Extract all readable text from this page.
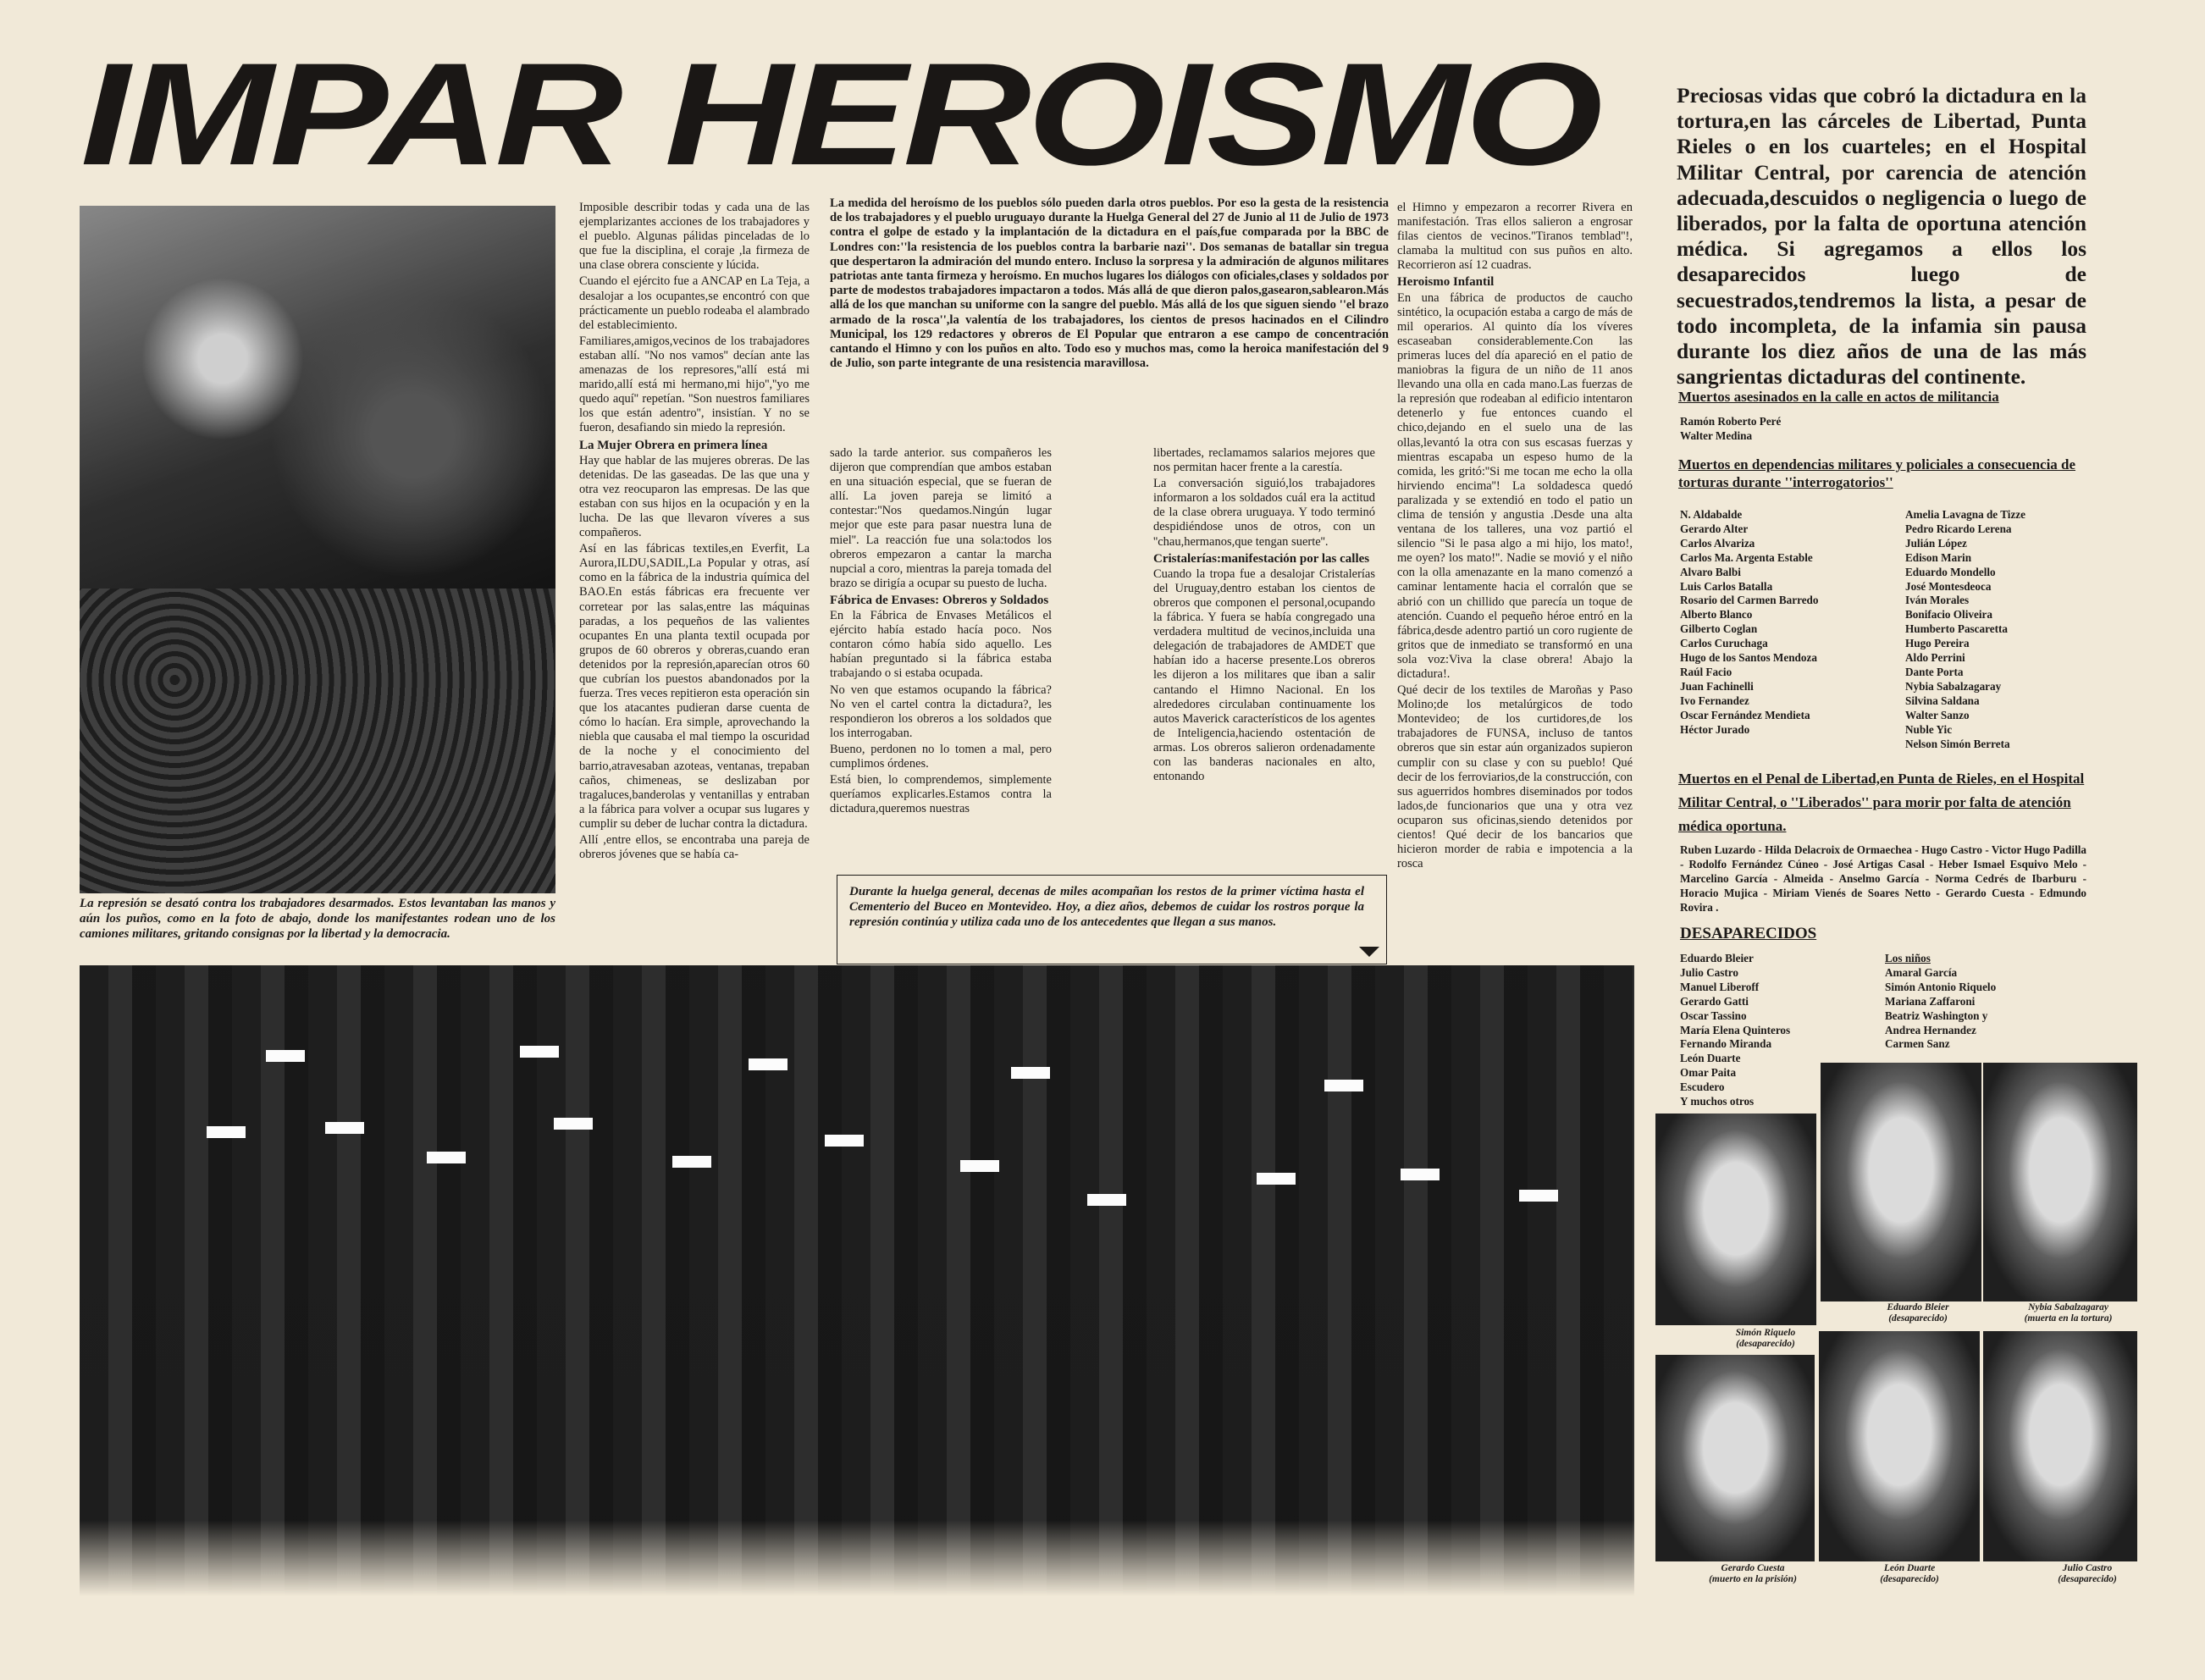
IMPAR HEROISMO
La represión se desató contra los trabajadores desarmados. Estos levantaban las manos y aún los puños, como en la foto de abajo, donde los manifestantes rodean uno de los camiones militares, gritando consignas por la libertad y la democracia.

Imposible describir todas y cada una de las ejemplarizantes acciones de los trabajadores y el pueblo. Algunas pálidas pinceladas de lo que fue la disciplina, el coraje ,la firmeza de una clase obrera consciente y lúcida.

Cuando el ejército fue a ANCAP en La Teja, a desalojar a los ocupantes,se encontró con que prácticamente un pueblo rodeaba el alambrado del establecimiento.

Familiares,amigos,vecinos de los trabajadores estaban allí. ''No nos vamos'' decían ante las amenazas de los represores,''allí está mi marido,allí está mi hermano,mi hijo'',''yo me quedo aquí'' repetían. ''Son nuestros familiares los que están adentro'', insistían. Y no se fueron, desafiando sin miedo la represión.

La Mujer Obrera en primera línea

Hay que hablar de las mujeres obreras. De las detenidas. De las gaseadas. De las que una y otra vez reocuparon las empresas. De las que estaban con sus hijos en la ocupación y en la lucha. De las que llevaron víveres a sus compañeros.

Así en las fábricas textiles,en Everfit, La Aurora,ILDU,SADIL,La Popular y otras, así como en la fábrica de la industria química del BAO.En estás fábricas era frecuente ver corretear por las salas,entre las máquinas paradas, a los pequeños de las valientes ocupantes En una planta textil ocupada por grupos de 60 obreros y obreras,cuando eran detenidos por la represión,aparecían otros 60 que cubrían los puestos abandonados por la fuerza. Tres veces repitieron esta operación sin que los atacantes pudieran darse cuenta de cómo lo hacían. Era simple, aprovechando la niebla que causaba el mal tiempo la oscuridad de la noche y el conocimiento del barrio,atravesaban azoteas, ventanas, trepaban caños, chimeneas, se deslizaban por tragaluces,banderolas y ventanillas y entraban a la fábrica para volver a ocupar sus lugares y cumplir su deber de luchar contra la dictadura.

Allí ,entre ellos, se encontraba una pareja de obreros jóvenes que se había ca-

La medida del heroísmo de los pueblos sólo pueden darla otros pueblos. Por eso la gesta de la resistencia de los trabajadores y el pueblo uruguayo durante la Huelga General del 27 de Junio al 11 de Julio de 1973 contra el golpe de estado y la implantación de la dictadura en el país,fue comparada por la BBC de Londres con:''la resistencia de los pueblos contra la barbarie nazi''. Dos semanas de batallar sin tregua que despertaron la admiración del mundo entero. Incluso la sorpresa y la admiración de algunos militares patriotas ante tanta firmeza y heroísmo. En muchos lugares los diálogos con oficiales,clases y soldados por parte de modestos trabajadores impactaron a todos. Más allá de que dieron palos,gasearon,sablearon.Más allá de los que manchan su uniforme con la sangre del pueblo. Más allá de los que siguen siendo ''el brazo armado de la rosca'',la valentía de los trabajadores, los cientos de presos hacinados en el Cilindro Municipal, los 129 redactores y obreros de El Popular que entraron a ese campo de concentración cantando el Himno y con los puños en alto. Todo eso y muchos mas, como la heroica manifestación del 9 de Julio, son parte integrante de una resistencia maravillosa.

sado la tarde anterior. sus compañeros les dijeron que comprendían que ambos estaban en una situación especial, que se fueran de allí. La joven pareja se limitó a contestar:''Nos quedamos.Ningún lugar mejor que este para pasar nuestra luna de miel''. La reacción fue una sola:todos los obreros empezaron a cantar la marcha nupcial a coro, mientras la pareja tomada del brazo se dirigía a ocupar su puesto de lucha.

Fábrica de Envases: Obreros y Soldados

En la Fábrica de Envases Metálicos el ejército había estado hacía poco. Nos contaron cómo había sido aquello. Les habían preguntado si la fábrica estaba trabajando o si estaba ocupada.

No ven que estamos ocupando la fábrica? No ven el cartel contra la dictadura?, les respondieron los obreros a los soldados que los interrogaban.

Bueno, perdonen no lo tomen a mal, pero cumplimos órdenes.

Está bien, lo comprendemos, simplemente queríamos explicarles.Estamos contra la dictadura,queremos nuestras

libertades, reclamamos salarios mejores que nos permitan hacer frente a la carestía.

La conversación siguió,los trabajadores informaron a los soldados cuál era la actitud de la clase obrera uruguaya. Y todo terminó despidiéndose unos de otros, con un ''chau,hermanos,que tengan suerte''.

Cristalerías:manifestación por las calles

Cuando la tropa fue a desalojar Cristalerías del Uruguay,dentro estaban los cientos de obreros que componen el personal,ocupando la fábrica. Y fuera se había congregado una verdadera multitud de vecinos,incluida una delegación de trabajadores de AMDET que habían ido a hacerse presente.Los obreros les dijeron a los militares que iban a salir cantando el Himno Nacional. En los alrededores circulaban continuamente los autos Maverick característicos de los agentes de Inteligencia,haciendo ostentación de armas. Los obreros salieron ordenadamente con las banderas nacionales en alto, entonando

el Himno y empezaron a recorrer Rivera en manifestación. Tras ellos salieron a engrosar filas cientos de vecinos.''Tiranos temblad''!, clamaba la multitud con sus puños en alto. Recorrieron así 12 cuadras.

Heroismo Infantil

En una fábrica de productos de caucho sintético, la ocupación estaba a cargo de más de mil operarios. Al quinto día los víveres escaseaban considerablemente.Con las primeras luces del día apareció en el patio de maniobras la figura de un niño de 11 anos llevando una olla en cada mano.Las fuerzas de la represión que rodeaban al edificio intentaron detenerlo y fue entonces cuando el chico,dejando en el suelo una de las ollas,levantó la otra con sus escasas fuerzas y mientras escapaba un espeso humo de la comida, les gritó:''Si me tocan me echo la olla hirviendo encima''! La soldadesca quedó paralizada y se extendió en todo el patio un clima de tensión y angustia .Desde una alta ventana de los talleres, una voz partió el silencio ''Si le pasa algo a mi hijo, los mato!, me oyen? los mato!''. Nadie se movió y el niño con la olla amenazante en la mano comenzó a caminar lentamente hacia el corralón que se abrió con un chillido que parecía un toque de atención. Cuando el pequeño héroe entró en la fábrica,desde adentro partió un coro rugiente de gritos que de inmediato se transformó en una sola voz:Viva la clase obrera! Abajo la dictadura!.

Qué decir de los textiles de Maroñas y Paso Molino;de los metalúrgicos de todo Montevideo; de los curtidores,de los trabajadores de FUNSA, incluso de tantos obreros que sin estar aún organizados supieron cumplir con su clase y con su pueblo! Qué decir de los ferroviarios,de la construcción, con sus aguerridos hombres diseminados por todos lados,de funcionarios que una y otra vez ocuparon sus oficinas,siendo detenidos por cientos! Qué decir de los bancarios que hicieron morder de rabia e impotencia a la rosca

Durante la huelga general, decenas de miles acompañan los restos de la primer víctima hasta el Cementerio del Buceo en Montevideo. Hoy, a diez años, debemos de cuidar los rostros porque la represión continúa y utiliza cada uno de los antecedentes que llegan a sus manos.
Preciosas vidas que cobró la dictadura en la tortura,en las cárceles de Libertad, Punta Rieles o en los cuarteles; en el Hospital Militar Central, por carencia de atención adecuada,descuidos o negligencia o luego de liberados, por la falta de oportuna atención médica. Si agregamos a ellos los desaparecidos luego de secuestrados,tendremos la lista, a pesar de todo incompleta, de la infamia sin pausa durante los diez años de una de las más sangrientas dictaduras del continente.
Muertos asesinados en la calle en actos de militancia
Ramón Roberto Peré
Walter Medina
Muertos en dependencias militares y policiales a consecuencia de torturas durante ''interrogatorios''
N. Aldabalde
Gerardo Alter
Carlos Alvariza
Carlos Ma. Argenta Estable
Alvaro Balbi
Luis Carlos Batalla
Rosario del Carmen Barredo
Alberto Blanco
Gilberto Coglan
Carlos Curuchaga
Hugo de los Santos Mendoza
Raúl Facio
Juan Fachinelli
Ivo Fernandez
Oscar Fernández Mendieta
Héctor Jurado
Amelia Lavagna de Tizze
Pedro Ricardo Lerena
Julián López
Edison Marin
Eduardo Mondello
José Montesdeoca
Iván Morales
Bonifacio Oliveira
Humberto Pascaretta
Hugo Pereira
Aldo Perrini
Dante Porta
Nybia Sabalzagaray
Silvina Saldana
Walter Sanzo
Nuble Yic
Nelson Simón Berreta
Muertos en el Penal de Libertad,en Punta de Rieles, en el Hospital Militar Central, o ''Liberados'' para morir por falta de atención médica oportuna.
Ruben Luzardo - Hilda Delacroix de Ormaechea - Hugo Castro - Victor Hugo Padilla - Rodolfo Fernández Cúneo - José Artigas Casal - Heber Ismael Esquivo Melo - Marcelino García - Almeida - Anselmo García - Norma Cedrés de Ibarburu - Horacio Mujica - Miriam Vienés de Soares Netto - Gerardo Cuesta - Edmundo Rovira .
DESAPARECIDOS
Eduardo Bleier
Julio Castro
Manuel Liberoff
Gerardo Gatti
Oscar Tassino
María Elena Quinteros
Fernando Miranda
León Duarte
Omar Paita
Escudero
Y muchos otros
Los niños
Amaral García
Simón Antonio Riquelo
Mariana Zaffaroni
Beatriz Washington y
Andrea Hernandez
Carmen Sanz
Simón Riquelo
(desaparecido)
Eduardo Bleier
(desaparecido)
Nybia Sabalzagaray
(muerta en la tortura)
Gerardo Cuesta
(muerto en la prisión)
León Duarte
(desaparecido)
Julio Castro
(desaparecido)
